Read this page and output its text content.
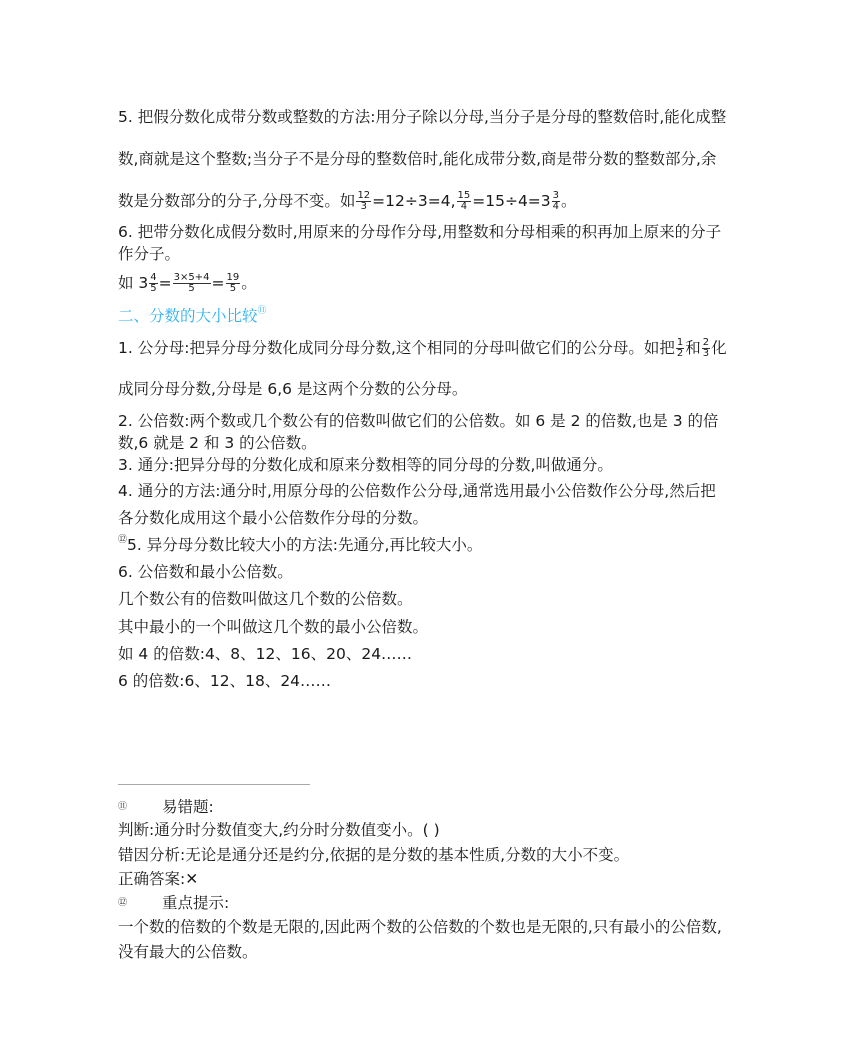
5. 把假分数化成带分数或整数的方法:用分子除以分母,当分子是分母的整数倍时,能化成整
数,商就是这个整数;当分子不是分母的整数倍时,能化成带分数,商是带分数的整数部分,余
数是分数部分的分子,分母不变。如 $\frac{12}{3} =12\div 3=4$, $\frac{15}{4} =15\div 4=3 \frac{3}{4}$ 。
6. 把带分数化成假分数时,用原来的分母作分母,用整数和分母相乘的积再加上原来的分子
作分子。
如 $3 \frac{4}{5} = \frac{3\times 5+4}{5} = \frac{19}{5}$ 。
二、分数的大小比较⑪
1. 公分母:把异分母分数化成同分母分数,这个相同的分母叫做它们的公分母。如把 $\frac{1}{2}$ 和 $\frac{2}{3}$ 化
成同分母分数,分母是 6,6 是这两个分数的公分母。
2. 公倍数:两个数或几个数公有的倍数叫做它们的公倍数。如 6 是 2 的倍数,也是 3 的倍
数,6 就是 2 和 3 的公倍数。
3. 通分:把异分母的分数化成和原来分数相等的同分母的分数,叫做通分。
4. 通分的方法:通分时,用原分母的公倍数作公分母,通常选用最小公倍数作公分母,然后把
各分数化成用这个最小公倍数作分母的分数。
⑫5. 异分母分数比较大小的方法:先通分,再比较大小。
6. 公倍数和最小公倍数。
几个数公有的倍数叫做这几个数的公倍数。
其中最小的一个叫做这几个数的最小公倍数。
如 4 的倍数:4、8、12、16、20、24……
6 的倍数:6、12、18、24……
⑪ 易错题:
判断:通分时分数值变大,约分时分数值变小。( )
错因分析:无论是通分还是约分,依据的是分数的基本性质,分数的大小不变。
正确答案:✕
⑫ 重点提示:
一个数的倍数的个数是无限的,因此两个数的公倍数的个数也是无限的,只有最小的公倍数,
没有最大的公倍数。
